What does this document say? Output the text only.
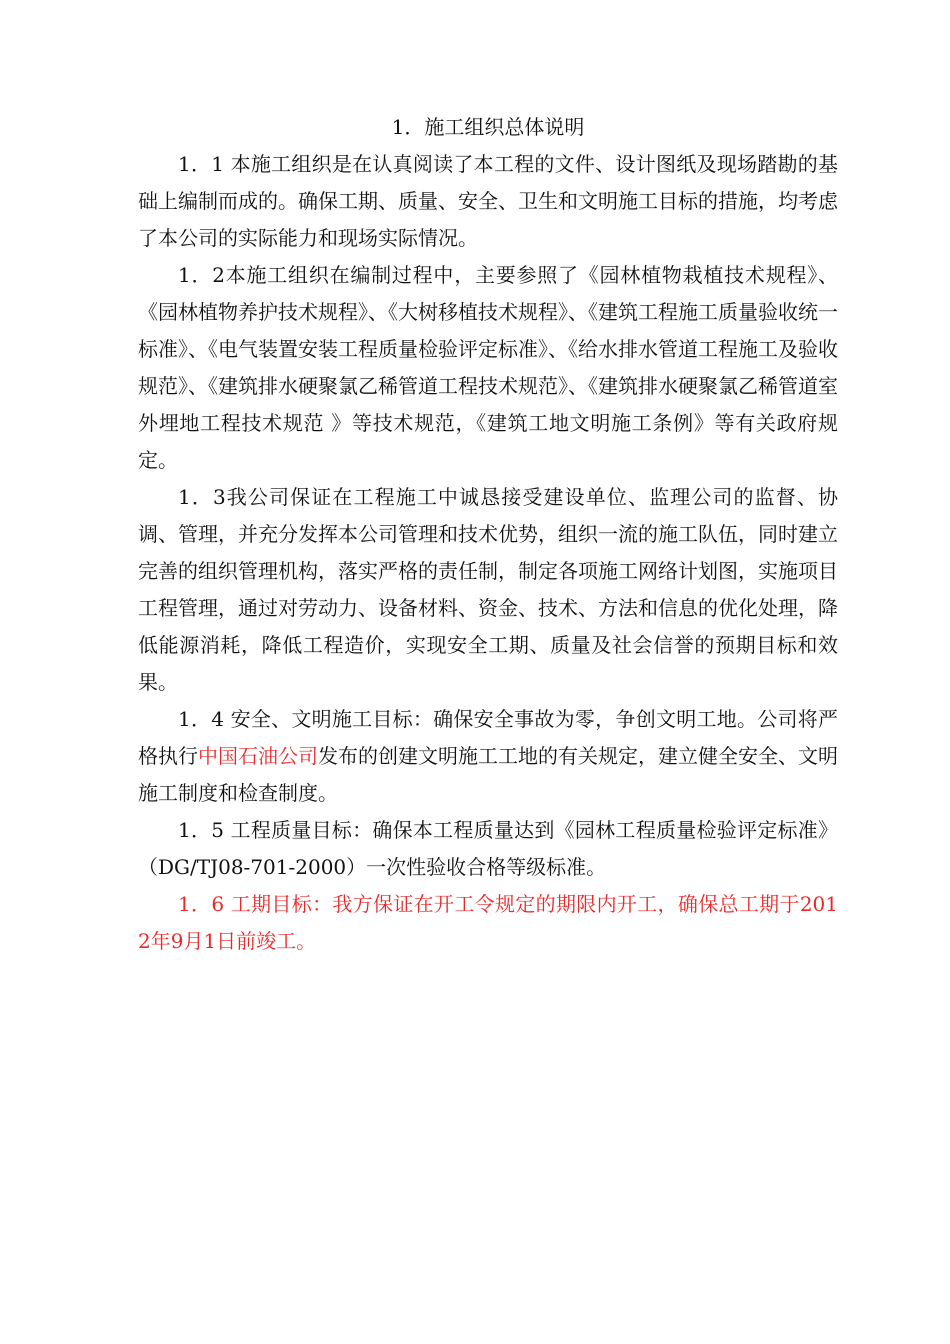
1．施工组织总体说明

1．1 本施工组织是在认真阅读了本工程的文件、设计图纸及现场踏勘的基础上编制而成的。确保工期、质量、安全、卫生和文明施工目标的措施，均考虑了本公司的实际能力和现场实际情况。

1．2本施工组织在编制过程中，主要参照了《园林植物栽植技术规程》、《园林植物养护技术规程》、《大树移植技术规程》、《建筑工程施工质量验收统一标准》、《电气装置安装工程质量检验评定标准》、《给水排水管道工程施工及验收规范》、《建筑排水硬聚氯乙稀管道工程技术规范》、《建筑排水硬聚氯乙稀管道室外埋地工程技术规范 》等技术规范，《建筑工地文明施工条例》等有关政府规定。

1．3我公司保证在工程施工中诚恳接受建设单位、监理公司的监督、协调、管理，并充分发挥本公司管理和技术优势，组织一流的施工队伍，同时建立完善的组织管理机构，落实严格的责任制，制定各项施工网络计划图，实施项目工程管理，通过对劳动力、设备材料、资金、技术、方法和信息的优化处理，降低能源消耗，降低工程造价，实现安全工期、质量及社会信誉的预期目标和效果。

1．4 安全、文明施工目标：确保安全事故为零，争创文明工地。公司将严格执行中国石油公司发布的创建文明施工工地的有关规定，建立健全安全、文明施工制度和检查制度。

1．5 工程质量目标：确保本工程质量达到《园林工程质量检验评定标准》（DG/TJ08-701-2000）一次性验收合格等级标准。

1．6 工期目标：我方保证在开工令规定的期限内开工，确保总工期于2012年9月1日前竣工。
